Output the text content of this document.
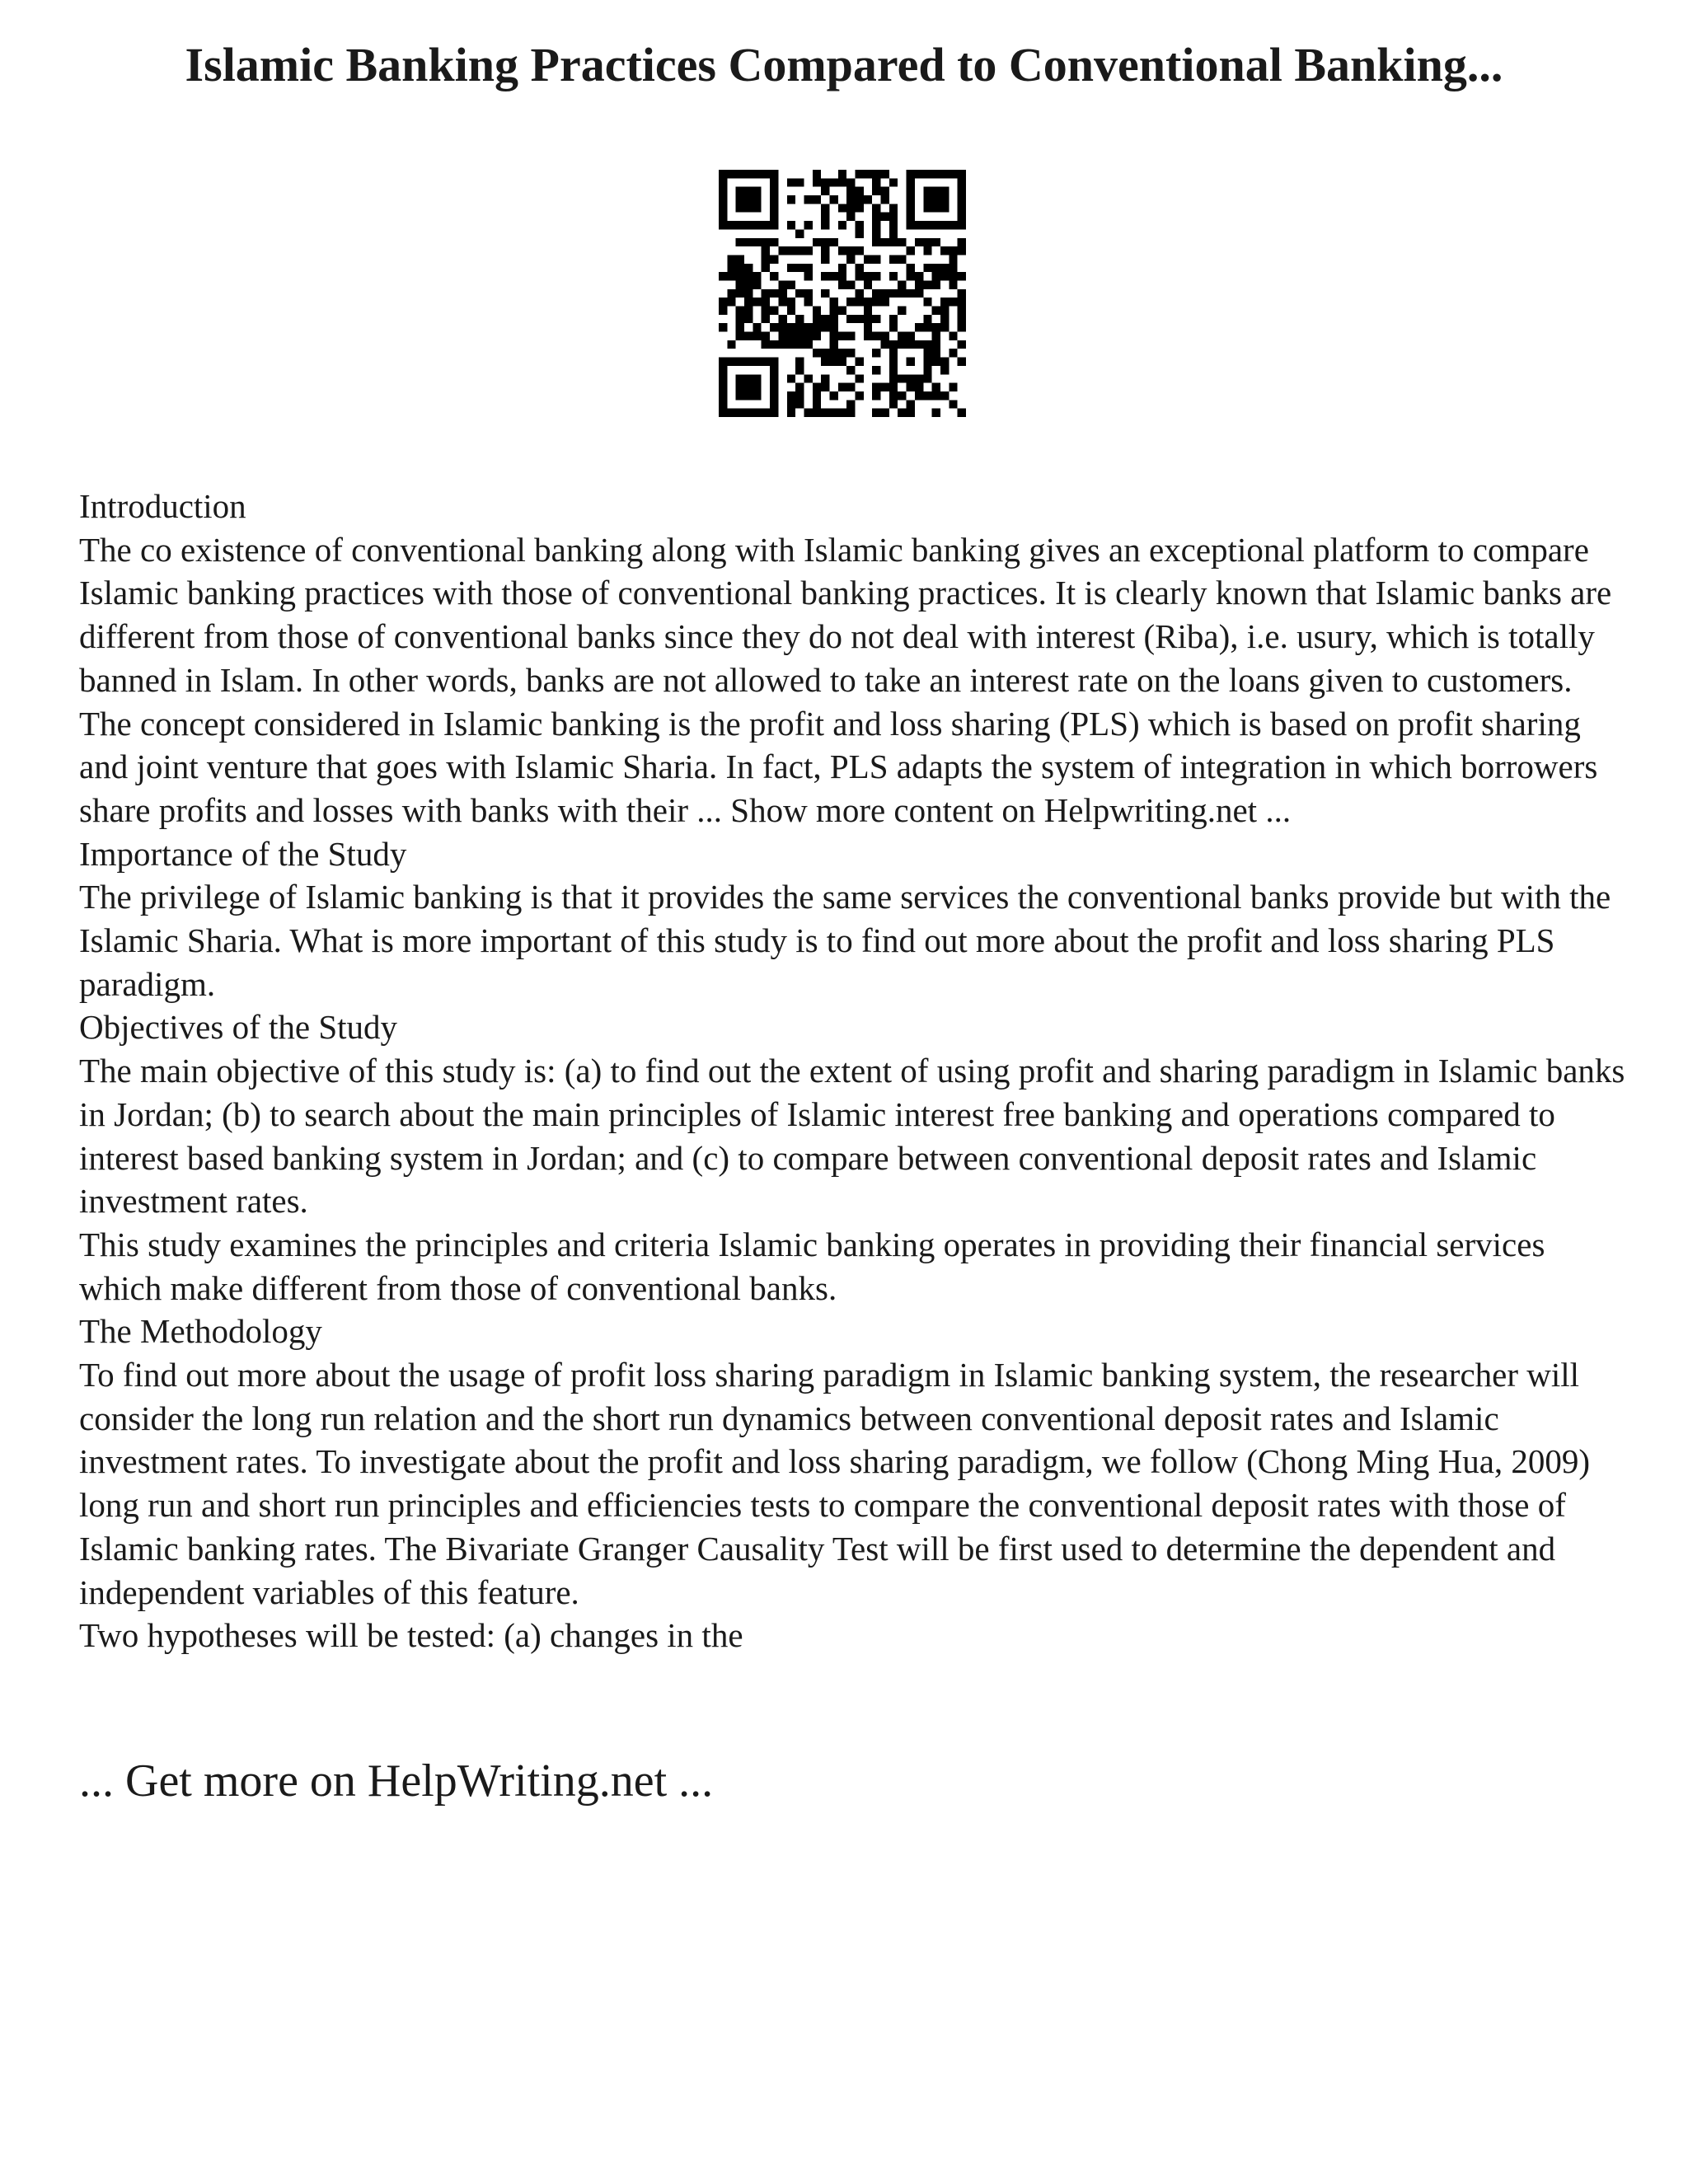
Islamic Banking Practices Compared to Conventional Banking...

Introduction

The co existence of conventional banking along with Islamic banking gives an exceptional platform to compare Islamic banking practices with those of conventional banking practices. It is clearly known that Islamic banks are different from those of conventional banks since they do not deal with interest (Riba), i.e. usury, which is totally banned in Islam. In other words, banks are not allowed to take an interest rate on the loans given to customers. The concept considered in Islamic banking is the profit and loss sharing (PLS) which is based on profit sharing and joint venture that goes with Islamic Sharia. In fact, PLS adapts the system of integration in which borrowers share profits and losses with banks with their ... Show more content on Helpwriting.net ...

Importance of the Study

The privilege of Islamic banking is that it provides the same services the conventional banks provide but with the Islamic Sharia. What is more important of this study is to find out more about the profit and loss sharing PLS paradigm.

Objectives of the Study

The main objective of this study is: (a) to find out the extent of using profit and sharing paradigm in Islamic banks in Jordan; (b) to search about the main principles of Islamic interest free banking and operations compared to interest based banking system in Jordan; and (c) to compare between conventional deposit rates and Islamic investment rates.

This study examines the principles and criteria Islamic banking operates in providing their financial services which make different from those of conventional banks.

The Methodology

To find out more about the usage of profit loss sharing paradigm in Islamic banking system, the researcher will consider the long run relation and the short run dynamics between conventional deposit rates and Islamic investment rates. To investigate about the profit and loss sharing paradigm, we follow (Chong Ming Hua, 2009) long run and short run principles and efficiencies tests to compare the conventional deposit rates with those of Islamic banking rates. The Bivariate Granger Causality Test will be first used to determine the dependent and independent variables of this feature.

Two hypotheses will be tested: (a) changes in the

... Get more on HelpWriting.net ...
